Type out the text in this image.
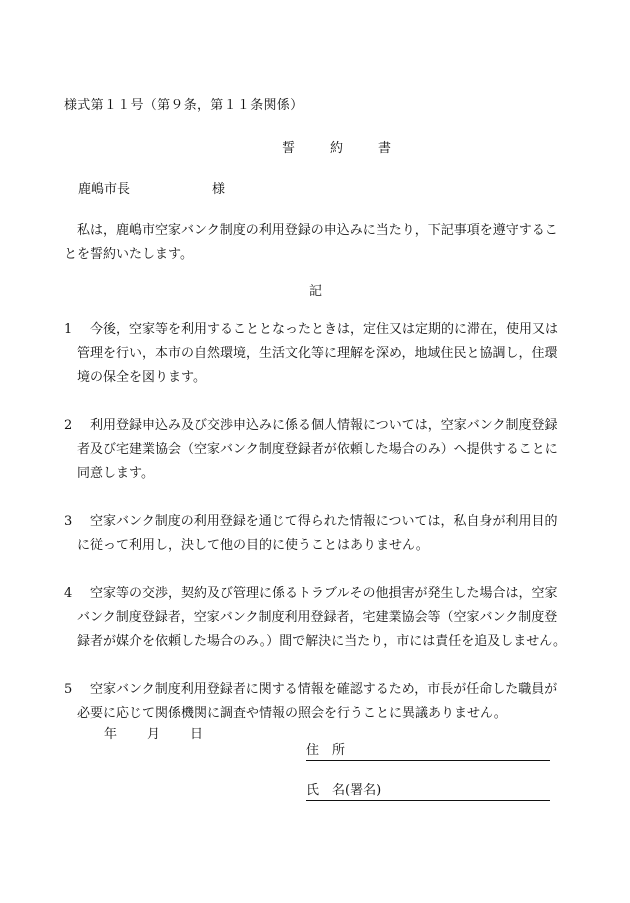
様式第１１号（第９条，第１１条関係）
誓　約　書
鹿嶋市長	様
私は，鹿嶋市空家バンク制度の利用登録の申込みに当たり，下記事項を遵守することを誓約いたします。
記
1 今後，空家等を利用することとなったときは，定住又は定期的に滞在，使用又は管理を行い，本市の自然環境，生活文化等に理解を深め，地域住民と協調し，住環境の保全を図ります。
2 利用登録申込み及び交渉申込みに係る個人情報については，空家バンク制度登録者及び宅建業協会（空家バンク制度登録者が依頼した場合のみ）へ提供することに同意します。
3 空家バンク制度の利用登録を通じて得られた情報については，私自身が利用目的に従って利用し，決して他の目的に使うことはありません。
4 空家等の交渉，契約及び管理に係るトラブルその他損害が発生した場合は，空家バンク制度登録者，空家バンク制度利用登録者，宅建業協会等（空家バンク制度登録者が媒介を依頼した場合のみ。）間で解決に当たり，市には責任を追及しません。
5 空家バンク制度利用登録者に関する情報を確認するため，市長が任命した職員が必要に応じて関係機関に調査や情報の照会を行うことに異議ありません。
年 月 日
住　所
氏　名(署名)
